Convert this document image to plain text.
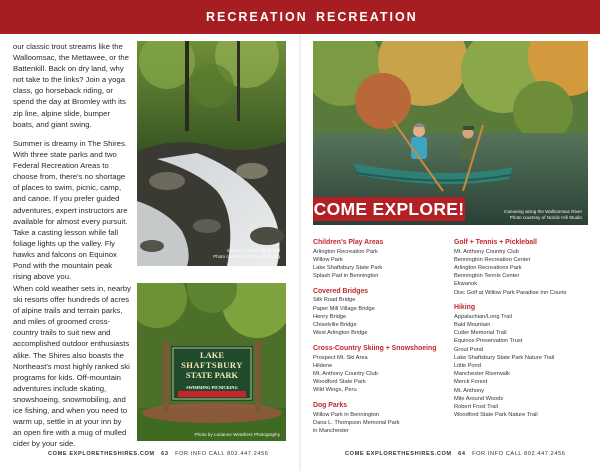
RECREATION RECREATION

our classic trout streams like the Walloomsac, the Mettawee, or the Battenkill. Back on dry land, why not take to the links? Join a yoga class, go horseback riding, or spend the day at Bromley with its zip line, alpine slide, bumper boats, and giant swing.

Summer is dreamy in The Shires. With three state parks and two Federal Recreation Areas to choose from, there's no shortage of places to swim, picnic, camp, and canoe. If you prefer guided adventures, expert instructors are available for almost every pursuit. Take a casting lesson while fall foliage lights up the valley. Fly hawks and falcons on Equinox Pond with the mountain peak rising above you.

When cold weather sets in, nearby ski resorts offer hundreds of acres of alpine trails and terrain parks, and miles of groomed cross-country trails to suit new and accomplished outdoor enthusiasts alike. The Shires also boasts the Northeast's most highly ranked ski programs for kids. Off-mountain adventures include skating, snowshoeing, snowmobiling, and ice fishing, and when you need to warm up, settle in at your inn by an open fire with a mug of mulled cider by your side.

Mad Tom River hiking trail
Photo courtesy of Jim Lendinang
LAKE
SHAFTSBURY
STATE PARK
SWIMMING·PICNICKING
Photo by Lorianne Weathers Photography
Canoeing along the Walloomsac River
Photo courtesy of Nordic Hill Studio
COME EXPLORE!
Children's Play Areas
Arlington Recreation Park
Willow Park
Lake Shaftsbury State Park
Splash Pad in Bennington
Covered Bridges
Silk Road Bridge
Paper Mill Village Bridge
Henry Bridge
Chiselville Bridge
West Arlington Bridge
Cross-Country Skiing + Snowshoeing
Prospect Mt. Ski Area
Hildene
Mt. Anthony Country Club
Woodford State Park
Wild Wings, Peru
Dog Parks
Willow Park in Bennington
Dana L. Thompson Memorial Park
in Manchester
Golf + Tennis + Pickleball
Mt. Anthony Country Club
Bennington Recreation Center
Arlington Recreations Park
Bennington Tennis Center
Ekwanok
Disc Golf at Willow Park Paradise Inn Courts
Hiking
Appalachian/Long Trail
Bald Mountain
Cutler Memorial Trail
Equinox Preservation Trust
Grout Pond
Lake Shaftsbury State Park Nature Trail
Little Pond
Manchester Riverwalk
Merck Forest
Mt. Anthony
Mile Around Woods
Robert Frost Trail
Woodford State Park Nature Trail
COME EXPLORETHESHIRES.COM 63 FOR INFO CALL 802.447.2456	COME EXPLORETHESHIRES.COM 64 FOR INFO CALL 802.447.2456
